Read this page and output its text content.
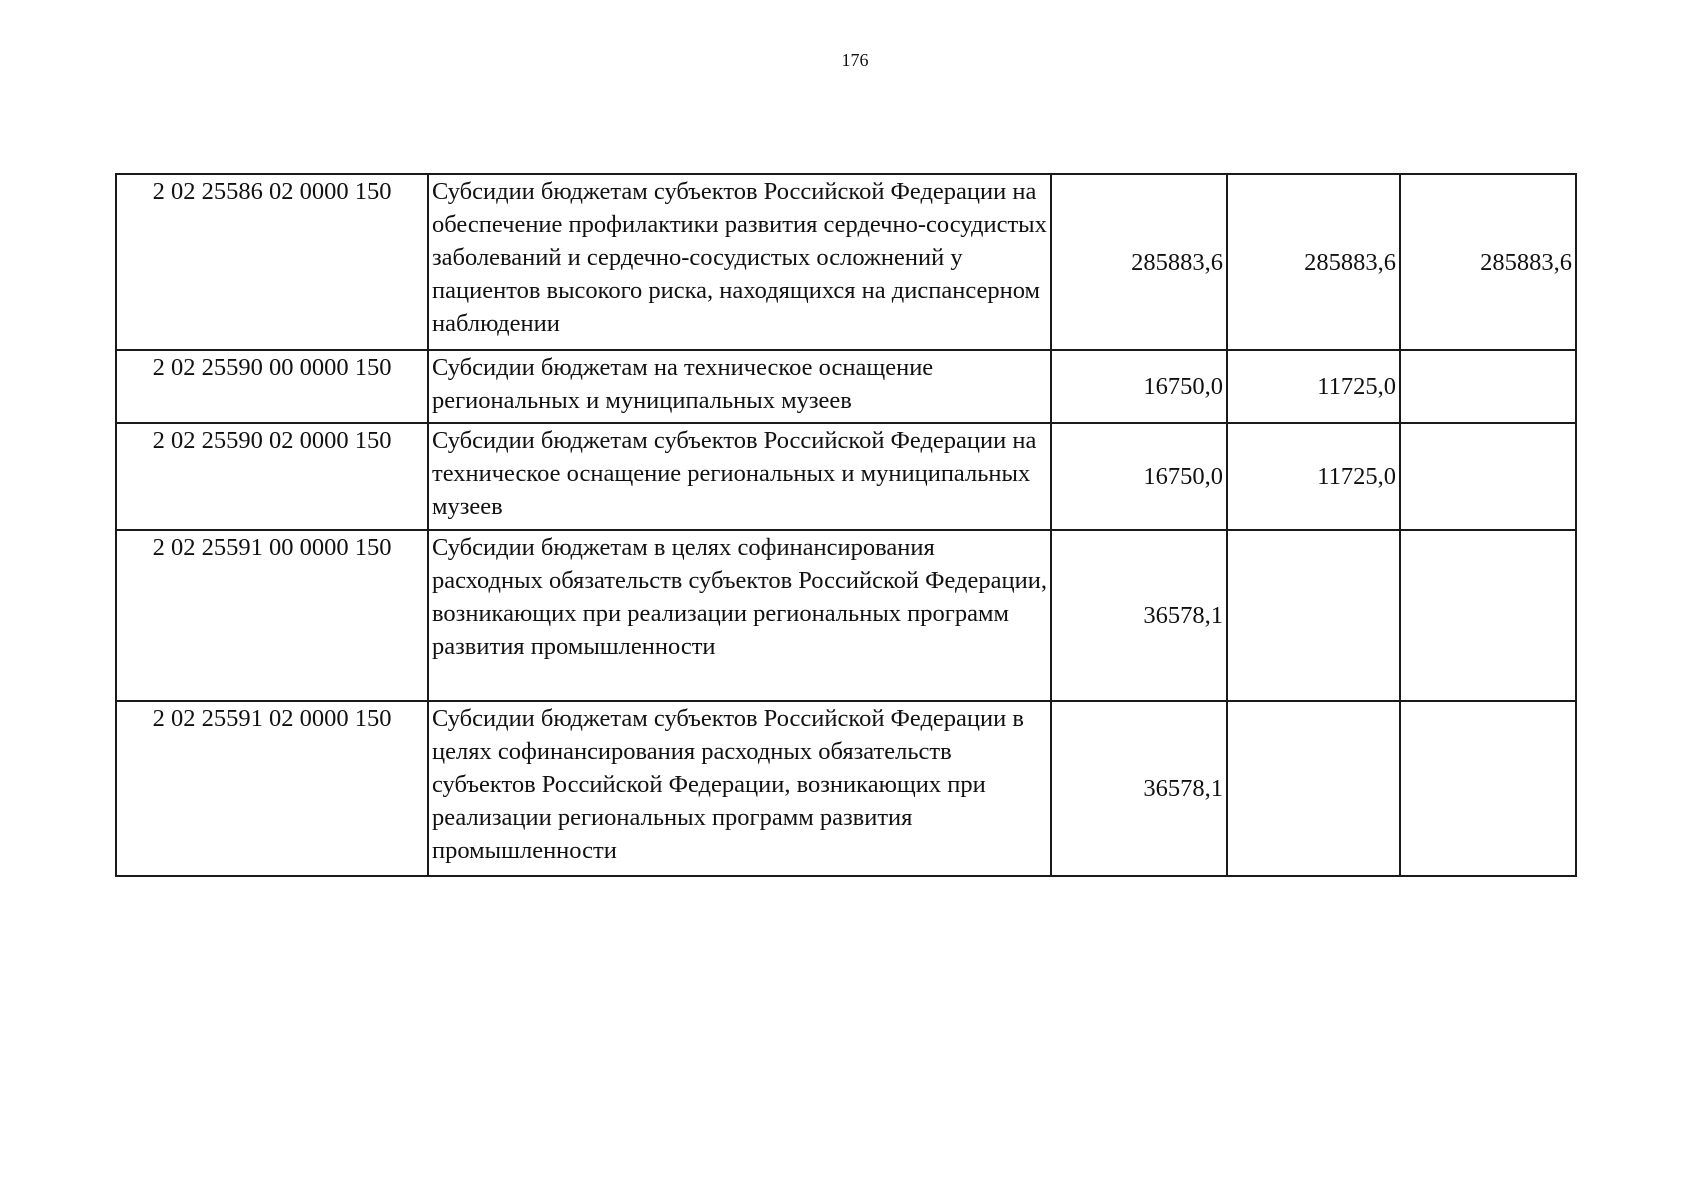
176
2 02 25586 02 0000 150	Субсидии бюджетам субъектов Российской Федерации на обеспечение профилактики развития сердечно-сосудистых заболеваний и сердечно-сосудистых осложнений у пациентов высокого риска, находящихся на диспансерном наблюдении	285883,6	285883,6	285883,6
2 02 25590 00 0000 150	Субсидии бюджетам на техническое оснащение региональных и муниципальных музеев	16750,0	11725,0	
2 02 25590 02 0000 150	Субсидии бюджетам субъектов Российской Федерации на техническое оснащение региональных и муниципальных музеев	16750,0	11725,0	
2 02 25591 00 0000 150	Субсидии бюджетам в целях софинансирования расходных обязательств субъектов Российской Федерации, возникающих при реализации региональных программ развития промышленности	36578,1		
2 02 25591 02 0000 150	Субсидии бюджетам субъектов Российской Федерации в целях софинансирования расходных обязательств субъектов Российской Федерации, возникающих при реализации региональных программ развития промышленности	36578,1		
